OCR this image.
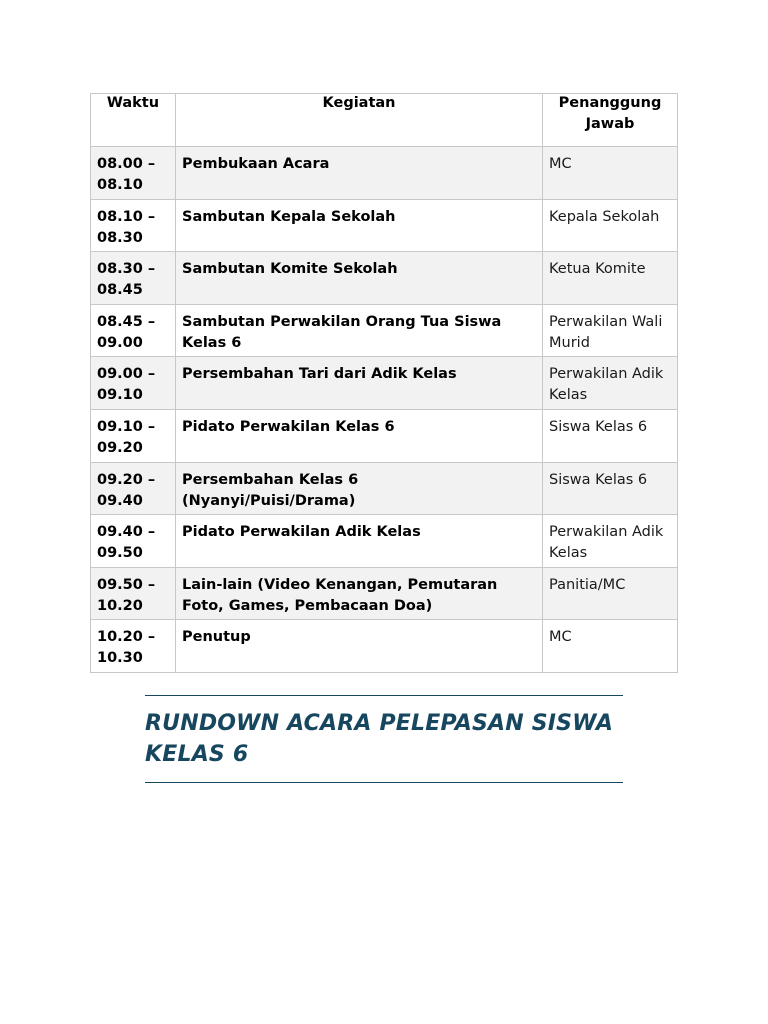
Waktu	Kegiatan	Penanggung Jawab

08.00 – 08.10	Pembukaan Acara	MC
08.10 – 08.30	Sambutan Kepala Sekolah	Kepala Sekolah
08.30 – 08.45	Sambutan Komite Sekolah	Ketua Komite
08.45 – 09.00	Sambutan Perwakilan Orang Tua Siswa Kelas 6	Perwakilan Wali Murid
09.00 – 09.10	Persembahan Tari dari Adik Kelas	Perwakilan Adik Kelas
09.10 – 09.20	Pidato Perwakilan Kelas 6	Siswa Kelas 6
09.20 – 09.40	Persembahan Kelas 6 (Nyanyi/Puisi/Drama)	Siswa Kelas 6
09.40 – 09.50	Pidato Perwakilan Adik Kelas	Perwakilan Adik Kelas
09.50 – 10.20	Lain-lain (Video Kenangan, Pemutaran Foto, Games, Pembacaan Doa)	Panitia/MC
10.20 – 10.30	Penutup	MC
RUNDOWN ACARA PELEPASAN SISWA KELAS 6
